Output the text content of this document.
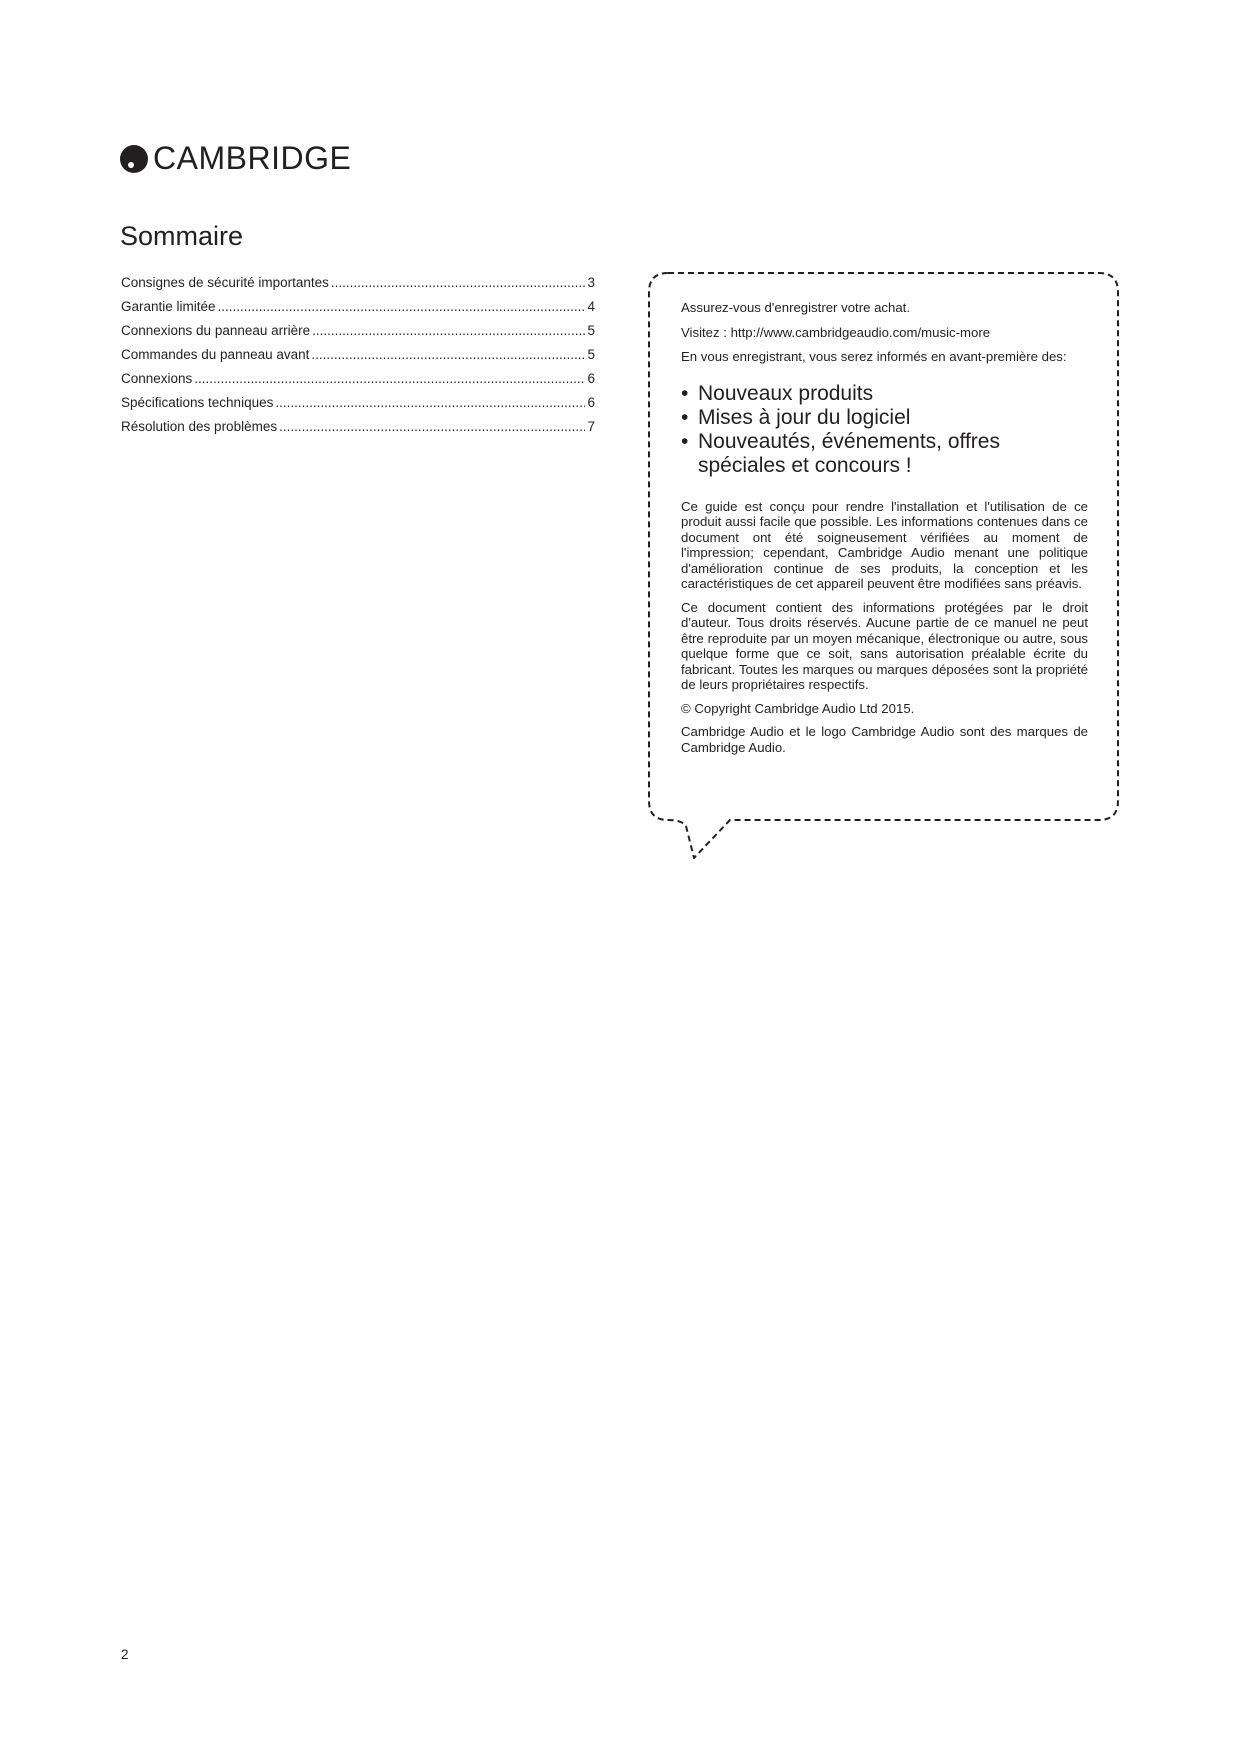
CAMBRIDGE
Sommaire
Consignes de sécurité importantes .....	3
Garantie limitée .....	4
Connexions du panneau arrière .....	5
Commandes du panneau avant .....	5
Connexions .....	6
Spécifications techniques .....	6
Résolution des problèmes .....	7

Assurez-vous d'enregistrer votre achat.

Visitez : http://www.cambridgeaudio.com/music-more

En vous enregistrant, vous serez informés en avant-première des:

• Nouveaux produits
• Mises à jour du logiciel
• Nouveautés, événements, offres spéciales et concours !

Ce guide est conçu pour rendre l'installation et l'utilisation de ce produit aussi facile que possible. Les informations contenues dans ce document ont été soigneusement vérifiées au moment de l'impression; cependant, Cambridge Audio menant une politique d'amélioration continue de ses produits, la conception et les caractéristiques de cet appareil peuvent être modifiées sans préavis.

Ce document contient des informations protégées par le droit d'auteur. Tous droits réservés. Aucune partie de ce manuel ne peut être reproduite par un moyen mécanique, électronique ou autre, sous quelque forme que ce soit, sans autorisation préalable écrite du fabricant. Toutes les marques ou marques déposées sont la propriété de leurs propriétaires respectifs.

© Copyright Cambridge Audio Ltd 2015.

Cambridge Audio et le logo Cambridge Audio sont des marques de Cambridge Audio.

2
